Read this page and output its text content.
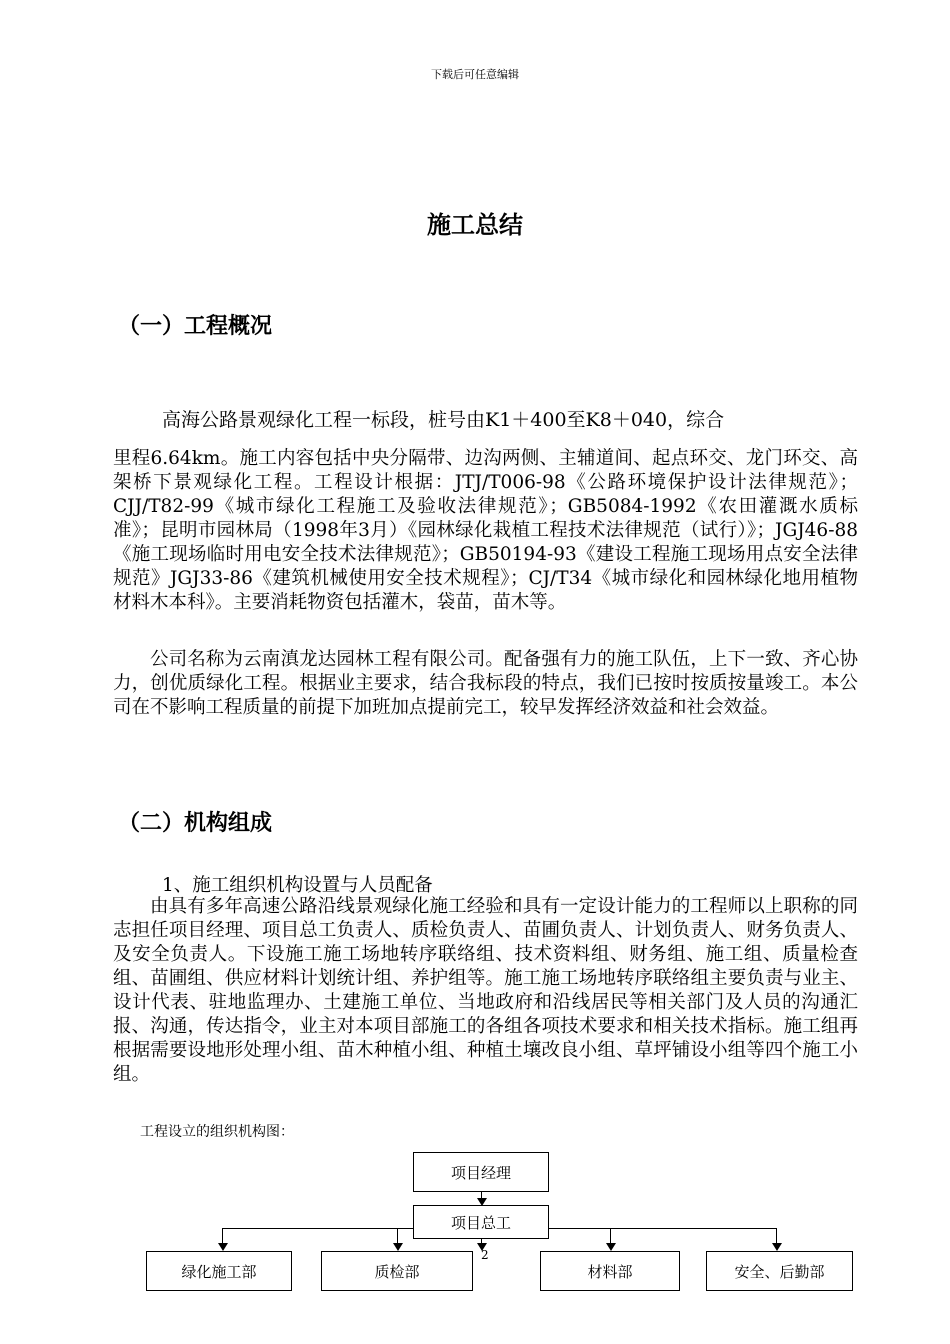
下载后可任意编辑
施工总结
（一）工程概况
高海公路景观绿化工程一标段，桩号由K1＋400至K8＋040，综合

里程6.64km。施工内容包括中央分隔带、边沟两侧、主辅道间、起点环交、龙门环交、高架桥下景观绿化工程。工程设计根据：JTJ/T006-98《公路环境保护设计法律规范》；CJJ/T82-99《城市绿化工程施工及验收法律规范》；GB5084-1992《农田灌溉水质标准》；昆明市园林局（1998年3月）《园林绿化栽植工程技术法律规范（试行）》；JGJ46-88《施工现场临时用电安全技术法律规范》；GB50194-93《建设工程施工现场用点安全法律规范》JGJ33-86《建筑机械使用安全技术规程》；CJ/T34《城市绿化和园林绿化地用植物材料木本科》。主要消耗物资包括灌木，袋苗，苗木等。

公司名称为云南滇龙达园林工程有限公司。配备强有力的施工队伍，上下一致、齐心协力，创优质绿化工程。根据业主要求，结合我标段的特点，我们已按时按质按量竣工。本公司在不影响工程质量的前提下加班加点提前完工，较早发挥经济效益和社会效益。

（二）机构组成
1、施工组织机构设置与人员配备

由具有多年高速公路沿线景观绿化施工经验和具有一定设计能力的工程师以上职称的同志担任项目经理、项目总工负责人、质检负责人、苗圃负责人、计划负责人、财务负责人、及安全负责人。下设施工施工场地转序联络组、技术资料组、财务组、施工组、质量检查组、苗圃组、供应材料计划统计组、养护组等。施工施工场地转序联络组主要负责与业主、设计代表、驻地监理办、土建施工单位、当地政府和沿线居民等相关部门及人员的沟通汇报、沟通，传达指令，业主对本项目部施工的各组各项技术要求和相关技术指标。施工组再根据需要设地形处理小组、苗木种植小组、种植土壤改良小组、草坪铺设小组等四个施工小组。

工程设立的组织机构图：
项目经理
项目总工
绿化施工部	质检部	材料部	安全、后勤部
2
